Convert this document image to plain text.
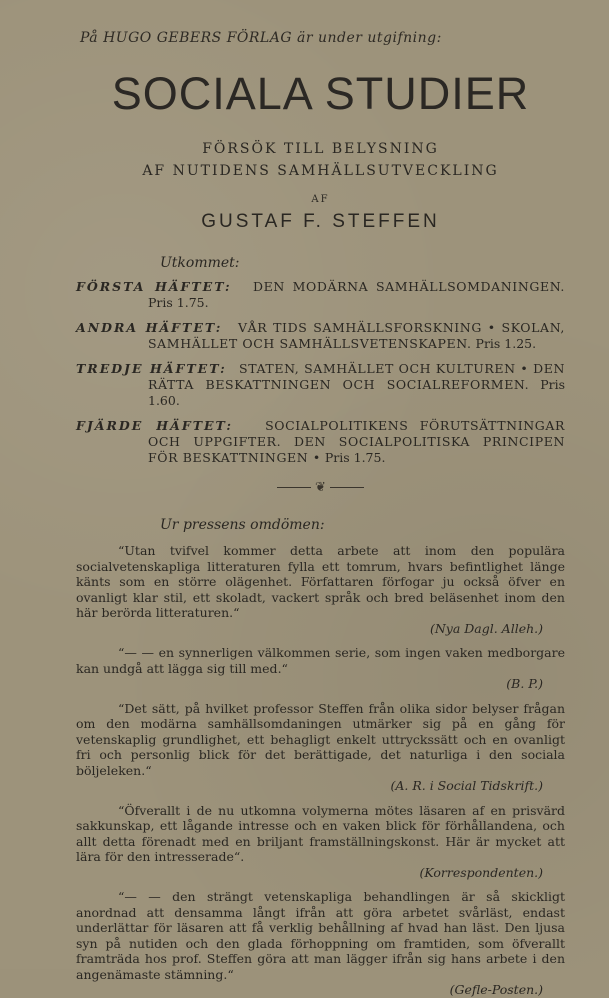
På HUGO GEBERS FÖRLAG är under utgifning:
SOCIALA STUDIER
FÖRSÖK TILL BELYSNING
AF NUTIDENS SAMHÄLLSUTVECKLING
AF
GUSTAF F. STEFFEN
Utkommet:
FÖRSTA HÄFTET: DEN MODÄRNA SAMHÄLLSOMDANINGEN. Pris 1.75.
ANDRA HÄFTET: VÅR TIDS SAMHÄLLSFORSKNING • SKOLAN, SAMHÄLLET OCH SAMHÄLLSVETENSKAPEN. Pris 1.25.
TREDJE HÄFTET: STATEN, SAMHÄLLET OCH KULTUREN • DEN RÄTTA BESKATTNINGEN OCH SOCIALREFORMEN. Pris 1.60.
FJÄRDE HÄFTET:	SOCIALPOLITIKENS FÖRUTSÄTTNINGAR OCH UPPGIFTER. DEN SOCIALPOLITISKA PRINCIPEN FÖR BESKATTNINGEN • Pris 1.75.
❦
Ur pressens omdömen:
“Utan tvifvel kommer detta arbete att inom den populära socialvetenskapliga litteraturen fylla ett tomrum, hvars befintlighet länge känts som en större olägenhet. Författaren förfogar ju också öfver en ovanligt klar stil, ett skoladt, vackert språk och bred beläsenhet inom den här berörda litteraturen.“
(Nya Dagl. Alleh.)
“— — en synnerligen välkommen serie, som ingen vaken medborgare kan undgå att lägga sig till med.“
(B. P.)
“Det sätt, på hvilket professor Steffen från olika sidor belyser frågan om den modärna samhällsomdaningen utmärker sig på en gång för vetenskaplig grundlighet, ett behagligt enkelt uttryckssätt och en ovanligt fri och personlig blick för det berättigade, det naturliga i den sociala böljeleken.“
(A. R. i Social Tidskrift.)
“Öfverallt i de nu utkomna volymerna mötes läsaren af en prisvärd sakkunskap, ett lågande intresse och en vaken blick för förhållandena, och allt detta förenadt med en briljant framställningskonst. Här är mycket att lära för den intresserade“.
(Korrespondenten.)
“— — den strängt vetenskapliga behandlingen är så skickligt anordnad att densamma långt ifrån att göra arbetet svårläst, endast underlättar för läsaren att få verklig behållning af hvad han läst. Den ljusa syn på nutiden och den glada förhoppning om framtiden, som öfverallt framträda hos prof. Steffen göra att man lägger ifrån sig hans arbete i den angenämaste stämning.“
(Gefle-Posten.)
